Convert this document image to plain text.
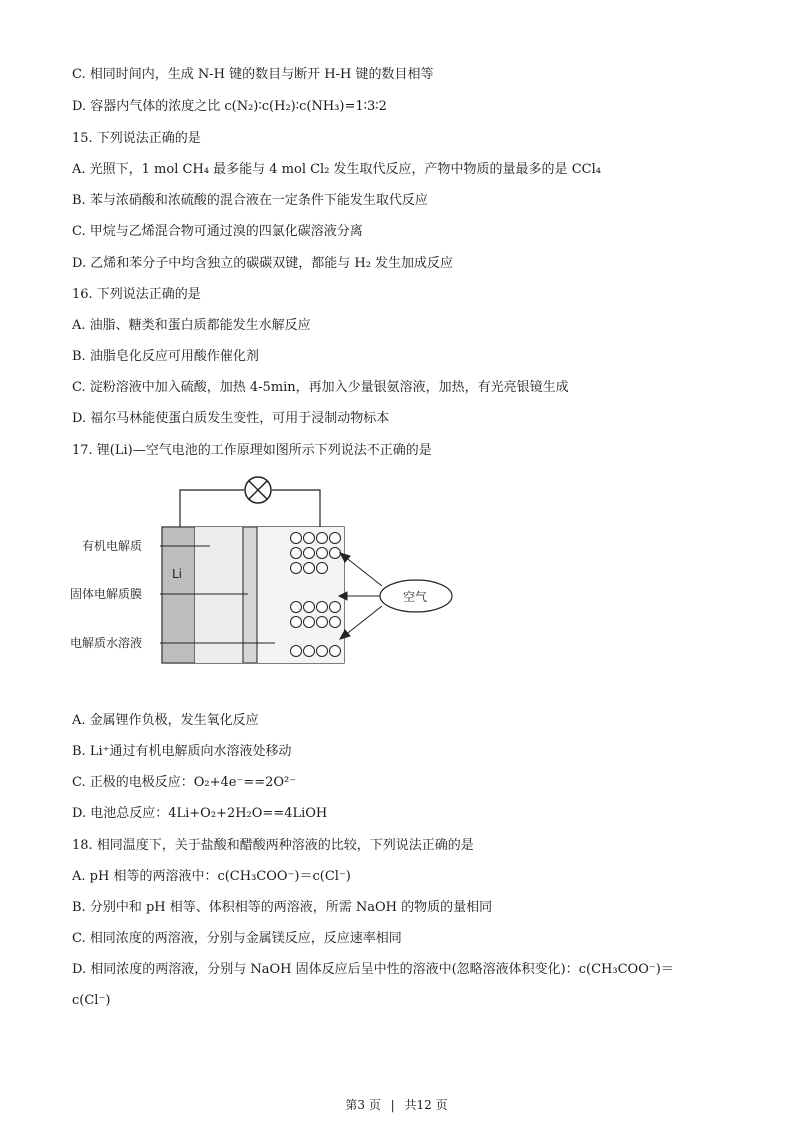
C. 相同时间内，生成 N-H 键的数目与断开 H-H 键的数目相等
D. 容器内气体的浓度之比 c(N₂)∶c(H₂)∶c(NH₃)=1∶3∶2
15. 下列说法正确的是
A. 光照下，1 mol CH₄ 最多能与 4 mol Cl₂ 发生取代反应，产物中物质的量最多的是 CCl₄
B. 苯与浓硝酸和浓硫酸的混合液在一定条件下能发生取代反应
C. 甲烷与乙烯混合物可通过溴的四氯化碳溶液分离
D. 乙烯和苯分子中均含独立的碳碳双键，都能与 H₂ 发生加成反应
16. 下列说法正确的是
A. 油脂、糖类和蛋白质都能发生水解反应
B. 油脂皂化反应可用酸作催化剂
C. 淀粉溶液中加入硫酸，加热 4-5min，再加入少量银氨溶液，加热，有光亮银镜生成
D. 福尔马林能使蛋白质发生变性，可用于浸制动物标本
17. 锂(Li)—空气电池的工作原理如图所示下列说法不正确的是
有机电解质
固体电解质膜
电解质水溶液
Li
空气
A. 金属锂作负极，发生氧化反应
B. Li⁺通过有机电解质向水溶液处移动
C. 正极的电极反应：O₂+4e⁻==2O²⁻
D. 电池总反应：4Li+O₂+2H₂O==4LiOH
18. 相同温度下，关于盐酸和醋酸两种溶液的比较，下列说法正确的是
A. pH 相等的两溶液中：c(CH₃COO⁻)＝c(Cl⁻)
B. 分别中和 pH 相等、体积相等的两溶液，所需 NaOH 的物质的量相同
C. 相同浓度的两溶液，分别与金属镁反应，反应速率相同
D. 相同浓度的两溶液，分别与 NaOH 固体反应后呈中性的溶液中(忽略溶液体积变化)：c(CH₃COO⁻)＝
c(Cl⁻)
第3 页 | 共12 页
